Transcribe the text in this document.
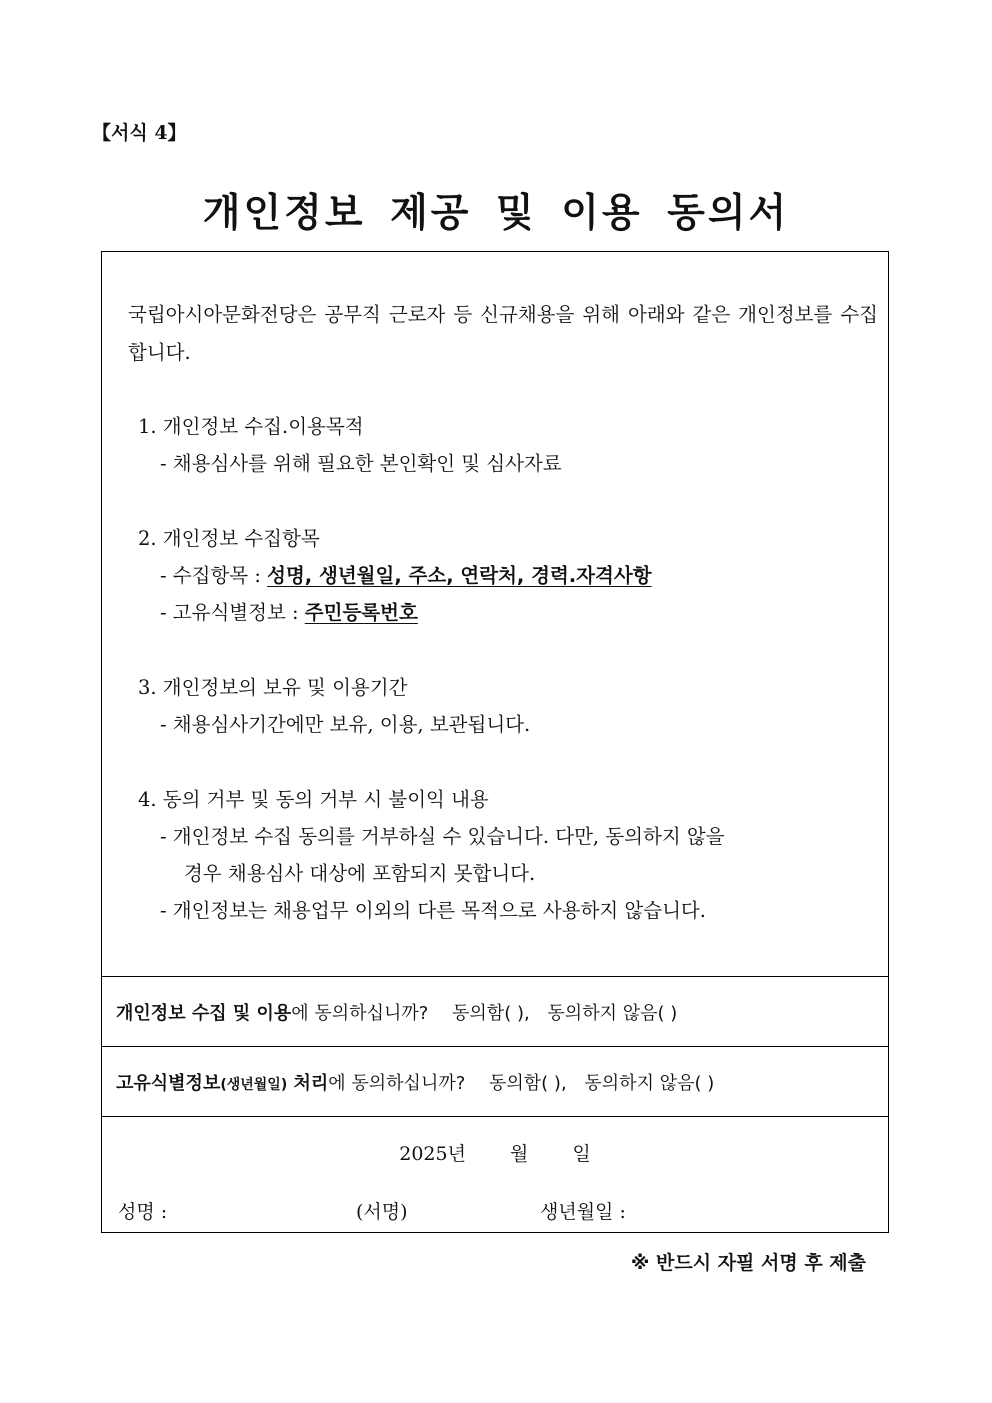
【서식 4】
개인정보 제공 및 이용 동의서
국립아시아문화전당은 공무직 근로자 등 신규채용을 위해 아래와 같은 개인정보를 수집합니다.
1. 개인정보 수집.이용목적
- 채용심사를 위해 필요한 본인확인 및 심사자료
2. 개인정보 수집항목
- 수집항목 : 성명, 생년월일, 주소, 연락처, 경력.자격사항
- 고유식별정보 : 주민등록번호
3. 개인정보의 보유 및 이용기간
- 채용심사기간에만 보유, 이용, 보관됩니다.
4. 동의 거부 및 동의 거부 시 불이익 내용
- 개인정보 수집 동의를 거부하실 수 있습니다. 다만, 동의하지 않을
경우 채용심사 대상에 포함되지 못합니다.
- 개인정보는 채용업무 이외의 다른 목적으로 사용하지 않습니다.
개인정보 수집 및 이용에 동의하십니까? 동의함( ), 동의하지 않음( )
고유식별정보(생년월일) 처리에 동의하십니까? 동의함( ), 동의하지 않음( )
2025년 월 일
성명 :	(서명)	생년월일 :
※ 반드시 자필 서명 후 제출
